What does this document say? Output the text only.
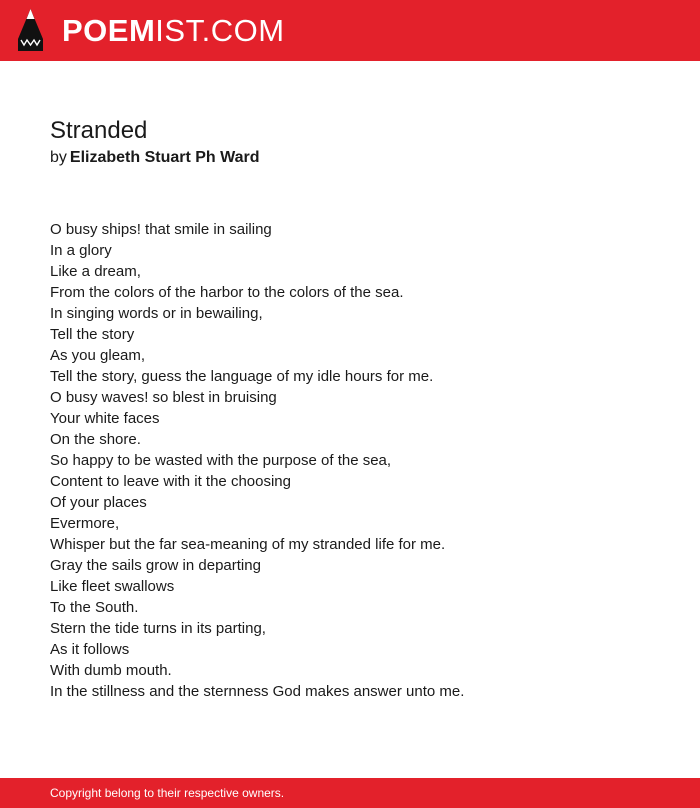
POEMIST.COM
Stranded
by Elizabeth Stuart Ph Ward
O busy ships! that smile in sailing
In a glory
Like a dream,
From the colors of the harbor to the colors of the sea.
In singing words or in bewailing,
Tell the story
As you gleam,
Tell the story, guess the language of my idle hours for me.
O busy waves! so blest in bruising
Your white faces
On the shore.
So happy to be wasted with the purpose of the sea,
Content to leave with it the choosing
Of your places
Evermore,
Whisper but the far sea-meaning of my stranded life for me.
Gray the sails grow in departing
Like fleet swallows
To the South.
Stern the tide turns in its parting,
As it follows
With dumb mouth.
In the stillness and the sternness God makes answer unto me.
Copyright belong to their respective owners.
